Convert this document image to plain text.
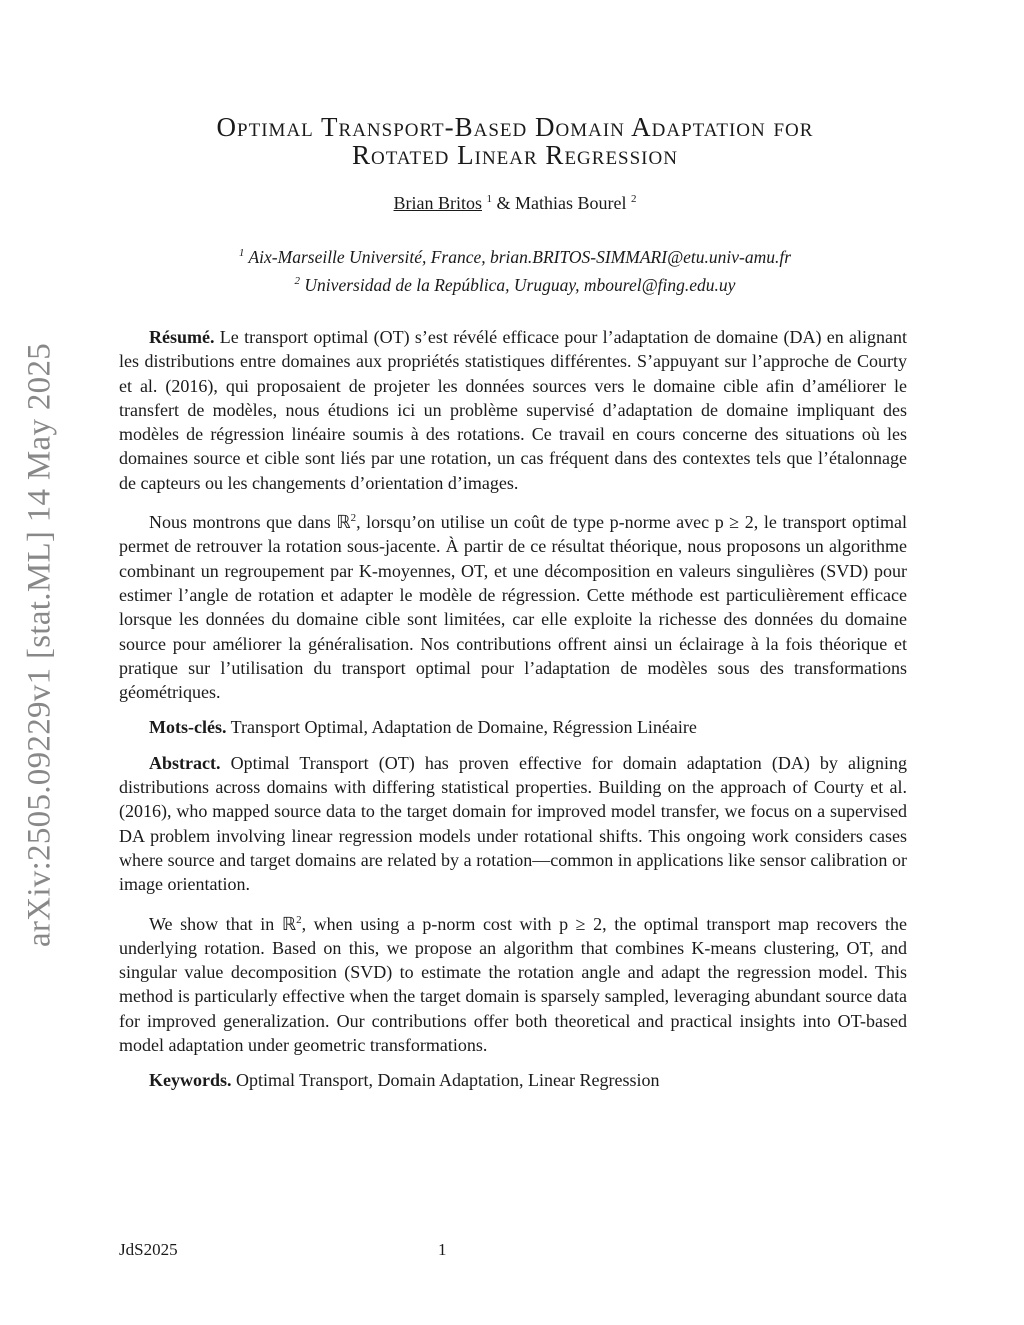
arXiv:2505.09229v1 [stat.ML] 14 May 2025
Optimal Transport-Based Domain Adaptation for
Rotated Linear Regression
Brian Britos $^1$ & Mathias Bourel $^2$
$^1$ Aix-Marseille Université, France, brian.BRITOS-SIMMARI@etu.univ-amu.fr
$^2$ Universidad de la República, Uruguay, mbourel@fing.edu.uy

Résumé. Le transport optimal (OT) s’est révélé efficace pour l’adaptation de domaine (DA) en alignant les distributions entre domaines aux propriétés statistiques différentes. S’appuyant sur l’approche de Courty et al. (2016), qui proposaient de projeter les données sources vers le domaine cible afin d’améliorer le transfert de modèles, nous étudions ici un problème supervisé d’adaptation de domaine impliquant des modèles de régression linéaire soumis à des rotations. Ce travail en cours concerne des situations où les domaines source et cible sont liés par une rotation, un cas fréquent dans des contextes tels que l’étalonnage de capteurs ou les changements d’orientation d’images.

Nous montrons que dans ℝ$^2$, lorsqu’on utilise un coût de type p-norme avec p ≥ 2, le transport optimal permet de retrouver la rotation sous-jacente. À partir de ce résultat théorique, nous proposons un algorithme combinant un regroupement par K-moyennes, OT, et une décomposition en valeurs singulières (SVD) pour estimer l’angle de rotation et adapter le modèle de régression. Cette méthode est particulièrement efficace lorsque les données du domaine cible sont limitées, car elle exploite la richesse des données du domaine source pour améliorer la généralisation. Nos contributions offrent ainsi un éclairage à la fois théorique et pratique sur l’utilisation du transport optimal pour l’adaptation de modèles sous des transformations géométriques.

Mots-clés. Transport Optimal, Adaptation de Domaine, Régression Linéaire

Abstract. Optimal Transport (OT) has proven effective for domain adaptation (DA) by aligning distributions across domains with differing statistical properties. Building on the approach of Courty et al. (2016), who mapped source data to the target domain for improved model transfer, we focus on a supervised DA problem involving linear regression models under rotational shifts. This ongoing work considers cases where source and target domains are related by a rotation—common in applications like sensor calibration or image orientation.

We show that in ℝ$^2$, when using a p-norm cost with p ≥ 2, the optimal transport map recovers the underlying rotation. Based on this, we propose an algorithm that combines K-means clustering, OT, and singular value decomposition (SVD) to estimate the rotation angle and adapt the regression model. This method is particularly effective when the target domain is sparsely sampled, leveraging abundant source data for improved generalization. Our contributions offer both theoretical and practical insights into OT-based model adaptation under geometric transformations.

Keywords. Optimal Transport, Domain Adaptation, Linear Regression

JdS2025	1
